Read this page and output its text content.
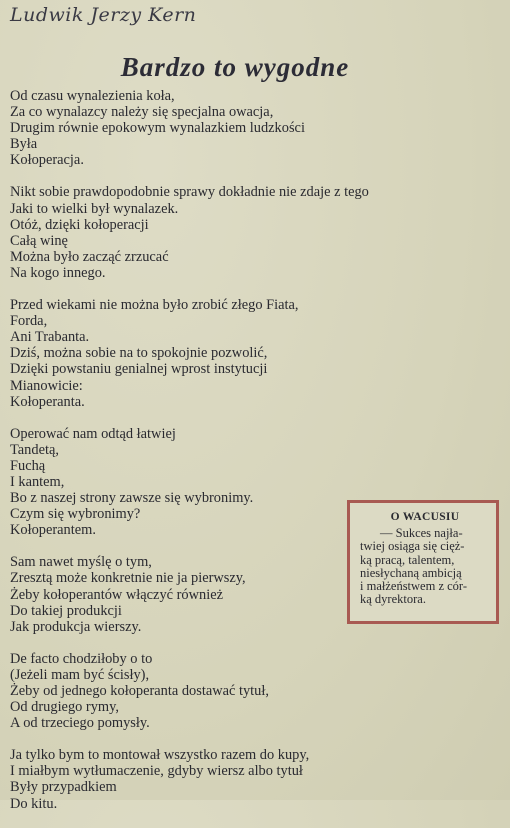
Ludwik Jerzy Kern
Bardzo to wygodne
Od czasu wynalezienia koła,
Za co wynalazcy należy się specjalna owacja,
Drugim równie epokowym wynalazkiem ludzkości
Była
Kołoperacja.
Nikt sobie prawdopodobnie sprawy dokładnie nie zdaje z tego
Jaki to wielki był wynalazek.
Otóż, dzięki kołoperacji
Całą winę
Można było zacząć zrzucać
Na kogo innego.
Przed wiekami nie można było zrobić złego Fiata,
Forda,
Ani Trabanta.
Dziś, można sobie na to spokojnie pozwolić,
Dzięki powstaniu genialnej wprost instytucji
Mianowicie:
Kołoperanta.
Operować nam odtąd łatwiej
Tandetą,
Fuchą
I kantem,
Bo z naszej strony zawsze się wybronimy.
Czym się wybronimy?
Kołoperantem.
Sam nawet myślę o tym,
Zresztą może konkretnie nie ja pierwszy,
Żeby kołoperantów włączyć również
Do takiej produkcji
Jak produkcja wierszy.
De facto chodziłoby o to
(Jeżeli mam być ścisły),
Żeby od jednego kołoperanta dostawać tytuł,
Od drugiego rymy,
A od trzeciego pomysły.
Ja tylko bym to montował wszystko razem do kupy,
I miałbym wytłumaczenie, gdyby wiersz albo tytuł
Były przypadkiem
Do kitu.
O WACUSIU
— Sukces najła-
twiej osiąga się cięż-
ką pracą, talentem,
niesłychaną ambicją
i małżeństwem z cór-
ką dyrektora.
